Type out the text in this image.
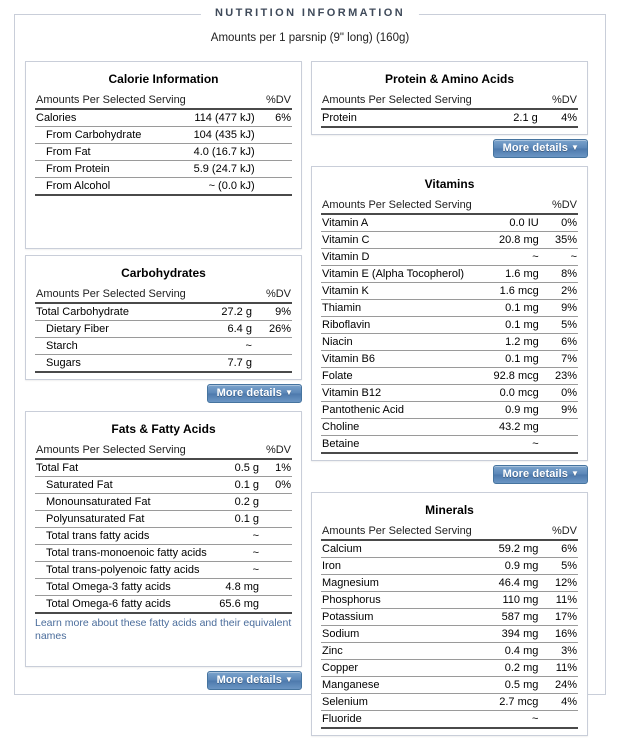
NUTRITION INFORMATION
Amounts per 1 parsnip (9" long) (160g)
Calorie Information
Amounts Per Selected Serving		%DV
Calories	114 (477 kJ)	6%
From Carbohydrate	104 (435 kJ)	
From Fat	4.0 (16.7 kJ)	
From Protein	5.9 (24.7 kJ)	
From Alcohol	~ (0.0 kJ)	
Carbohydrates
Amounts Per Selected Serving		%DV
Total Carbohydrate	27.2 g	9%
Dietary Fiber	6.4 g	26%
Starch	~	
Sugars	7.7 g	
More details ▼
Fats & Fatty Acids
Amounts Per Selected Serving		%DV
Total Fat	0.5 g	1%
Saturated Fat	0.1 g	0%
Monounsaturated Fat	0.2 g	
Polyunsaturated Fat	0.1 g	
Total trans fatty acids	~	
Total trans-monoenoic fatty acids	~	
Total trans-polyenoic fatty acids	~	
Total Omega-3 fatty acids	4.8 mg	
Total Omega-6 fatty acids	65.6 mg	
Learn more about these fatty acids and their equivalent names
More details ▼
Protein & Amino Acids
Amounts Per Selected Serving		%DV
Protein	2.1 g	4%
More details ▼
Vitamins
Amounts Per Selected Serving		%DV
Vitamin A	0.0 IU	0%
Vitamin C	20.8 mg	35%
Vitamin D	~	~
Vitamin E (Alpha Tocopherol)	1.6 mg	8%
Vitamin K	1.6 mcg	2%
Thiamin	0.1 mg	9%
Riboflavin	0.1 mg	5%
Niacin	1.2 mg	6%
Vitamin B6	0.1 mg	7%
Folate	92.8 mcg	23%
Vitamin B12	0.0 mcg	0%
Pantothenic Acid	0.9 mg	9%
Choline	43.2 mg	
Betaine	~	
More details ▼
Minerals
Amounts Per Selected Serving		%DV
Calcium	59.2 mg	6%
Iron	0.9 mg	5%
Magnesium	46.4 mg	12%
Phosphorus	110 mg	11%
Potassium	587 mg	17%
Sodium	394 mg	16%
Zinc	0.4 mg	3%
Copper	0.2 mg	11%
Manganese	0.5 mg	24%
Selenium	2.7 mcg	4%
Fluoride	~	
